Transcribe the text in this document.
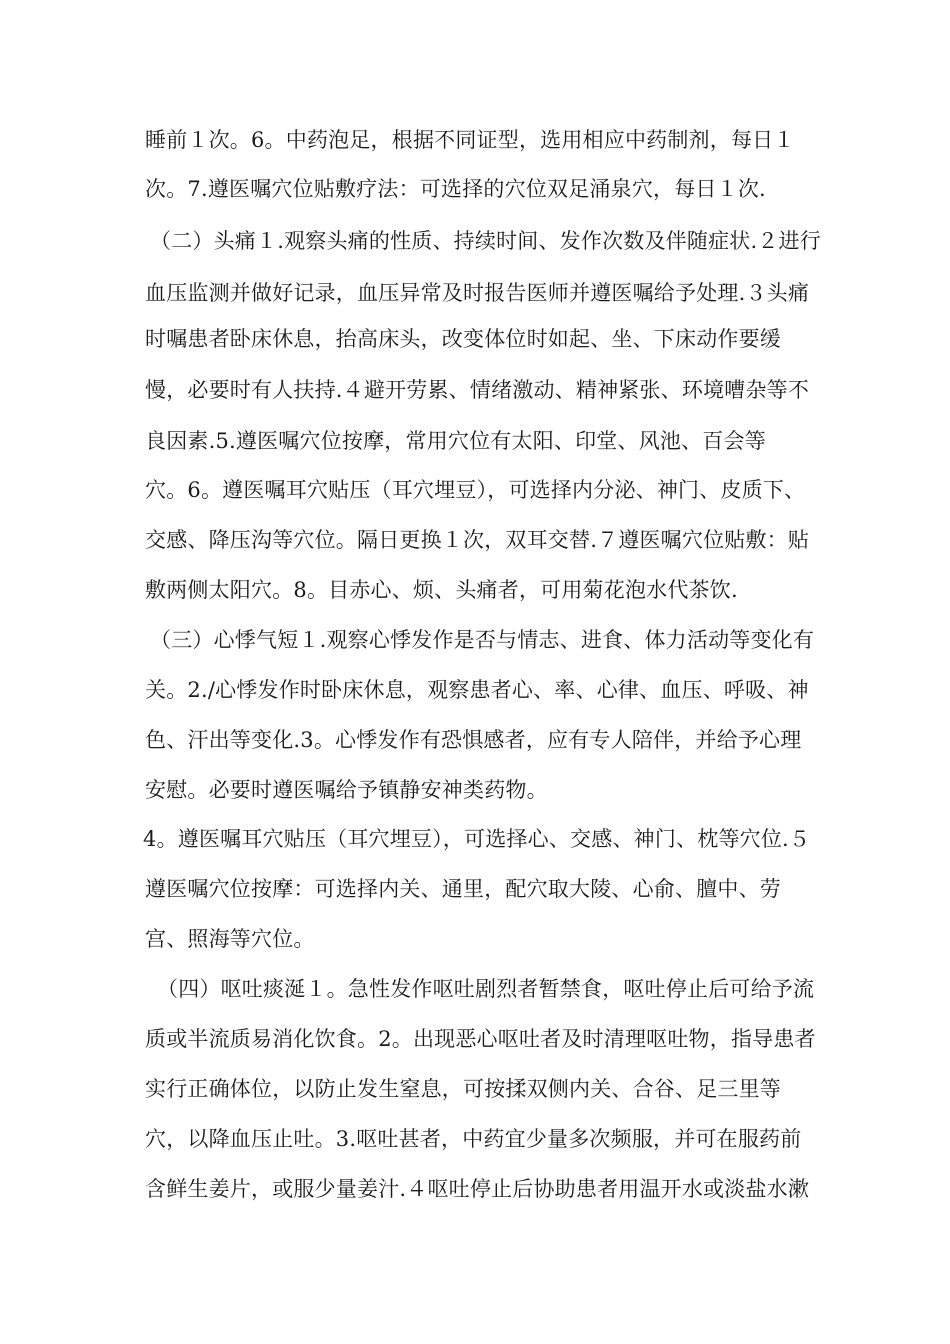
睡前１次。6。中药泡足，根据不同证型，选用相应中药制剂，每日１
次。7.遵医嘱穴位贴敷疗法：可选择的穴位双足涌泉穴，每日１次.
（二）头痛１.观察头痛的性质、持续时间、发作次数及伴随症状.２进行
血压监测并做好记录，血压异常及时报告医师并遵医嘱给予处理.３头痛
时嘱患者卧床休息，抬高床头，改变体位时如起、坐、下床动作要缓
慢，必要时有人扶持.４避开劳累、情绪激动、精神紧张、环境嘈杂等不
良因素.5.遵医嘱穴位按摩，常用穴位有太阳、印堂、风池、百会等
穴。6。遵医嘱耳穴贴压（耳穴埋豆），可选择内分泌、神门、皮质下、
交感、降压沟等穴位。隔日更换１次，双耳交替.７遵医嘱穴位贴敷：贴
敷两侧太阳穴。8。目赤心、烦、头痛者，可用菊花泡水代茶饮.
（三）心悸气短１.观察心悸发作是否与情志、进食、体力活动等变化有
关。2./心悸发作时卧床休息，观察患者心、率、心律、血压、呼吸、神
色、汗出等变化.3。心悸发作有恐惧感者，应有专人陪伴，并给予心理
安慰。必要时遵医嘱给予镇静安神类药物。
4。遵医嘱耳穴贴压（耳穴埋豆），可选择心、交感、神门、枕等穴位.５
遵医嘱穴位按摩：可选择内关、通里，配穴取大陵、心俞、膻中、劳
宫、照海等穴位。
（四）呕吐痰涎１。急性发作呕吐剧烈者暂禁食，呕吐停止后可给予流
质或半流质易消化饮食。2。出现恶心呕吐者及时清理呕吐物，指导患者
实行正确体位，以防止发生窒息，可按揉双侧内关、合谷、足三里等
穴，以降血压止吐。3.呕吐甚者，中药宜少量多次频服，并可在服药前
含鲜生姜片，或服少量姜汁.４呕吐停止后协助患者用温开水或淡盐水漱
